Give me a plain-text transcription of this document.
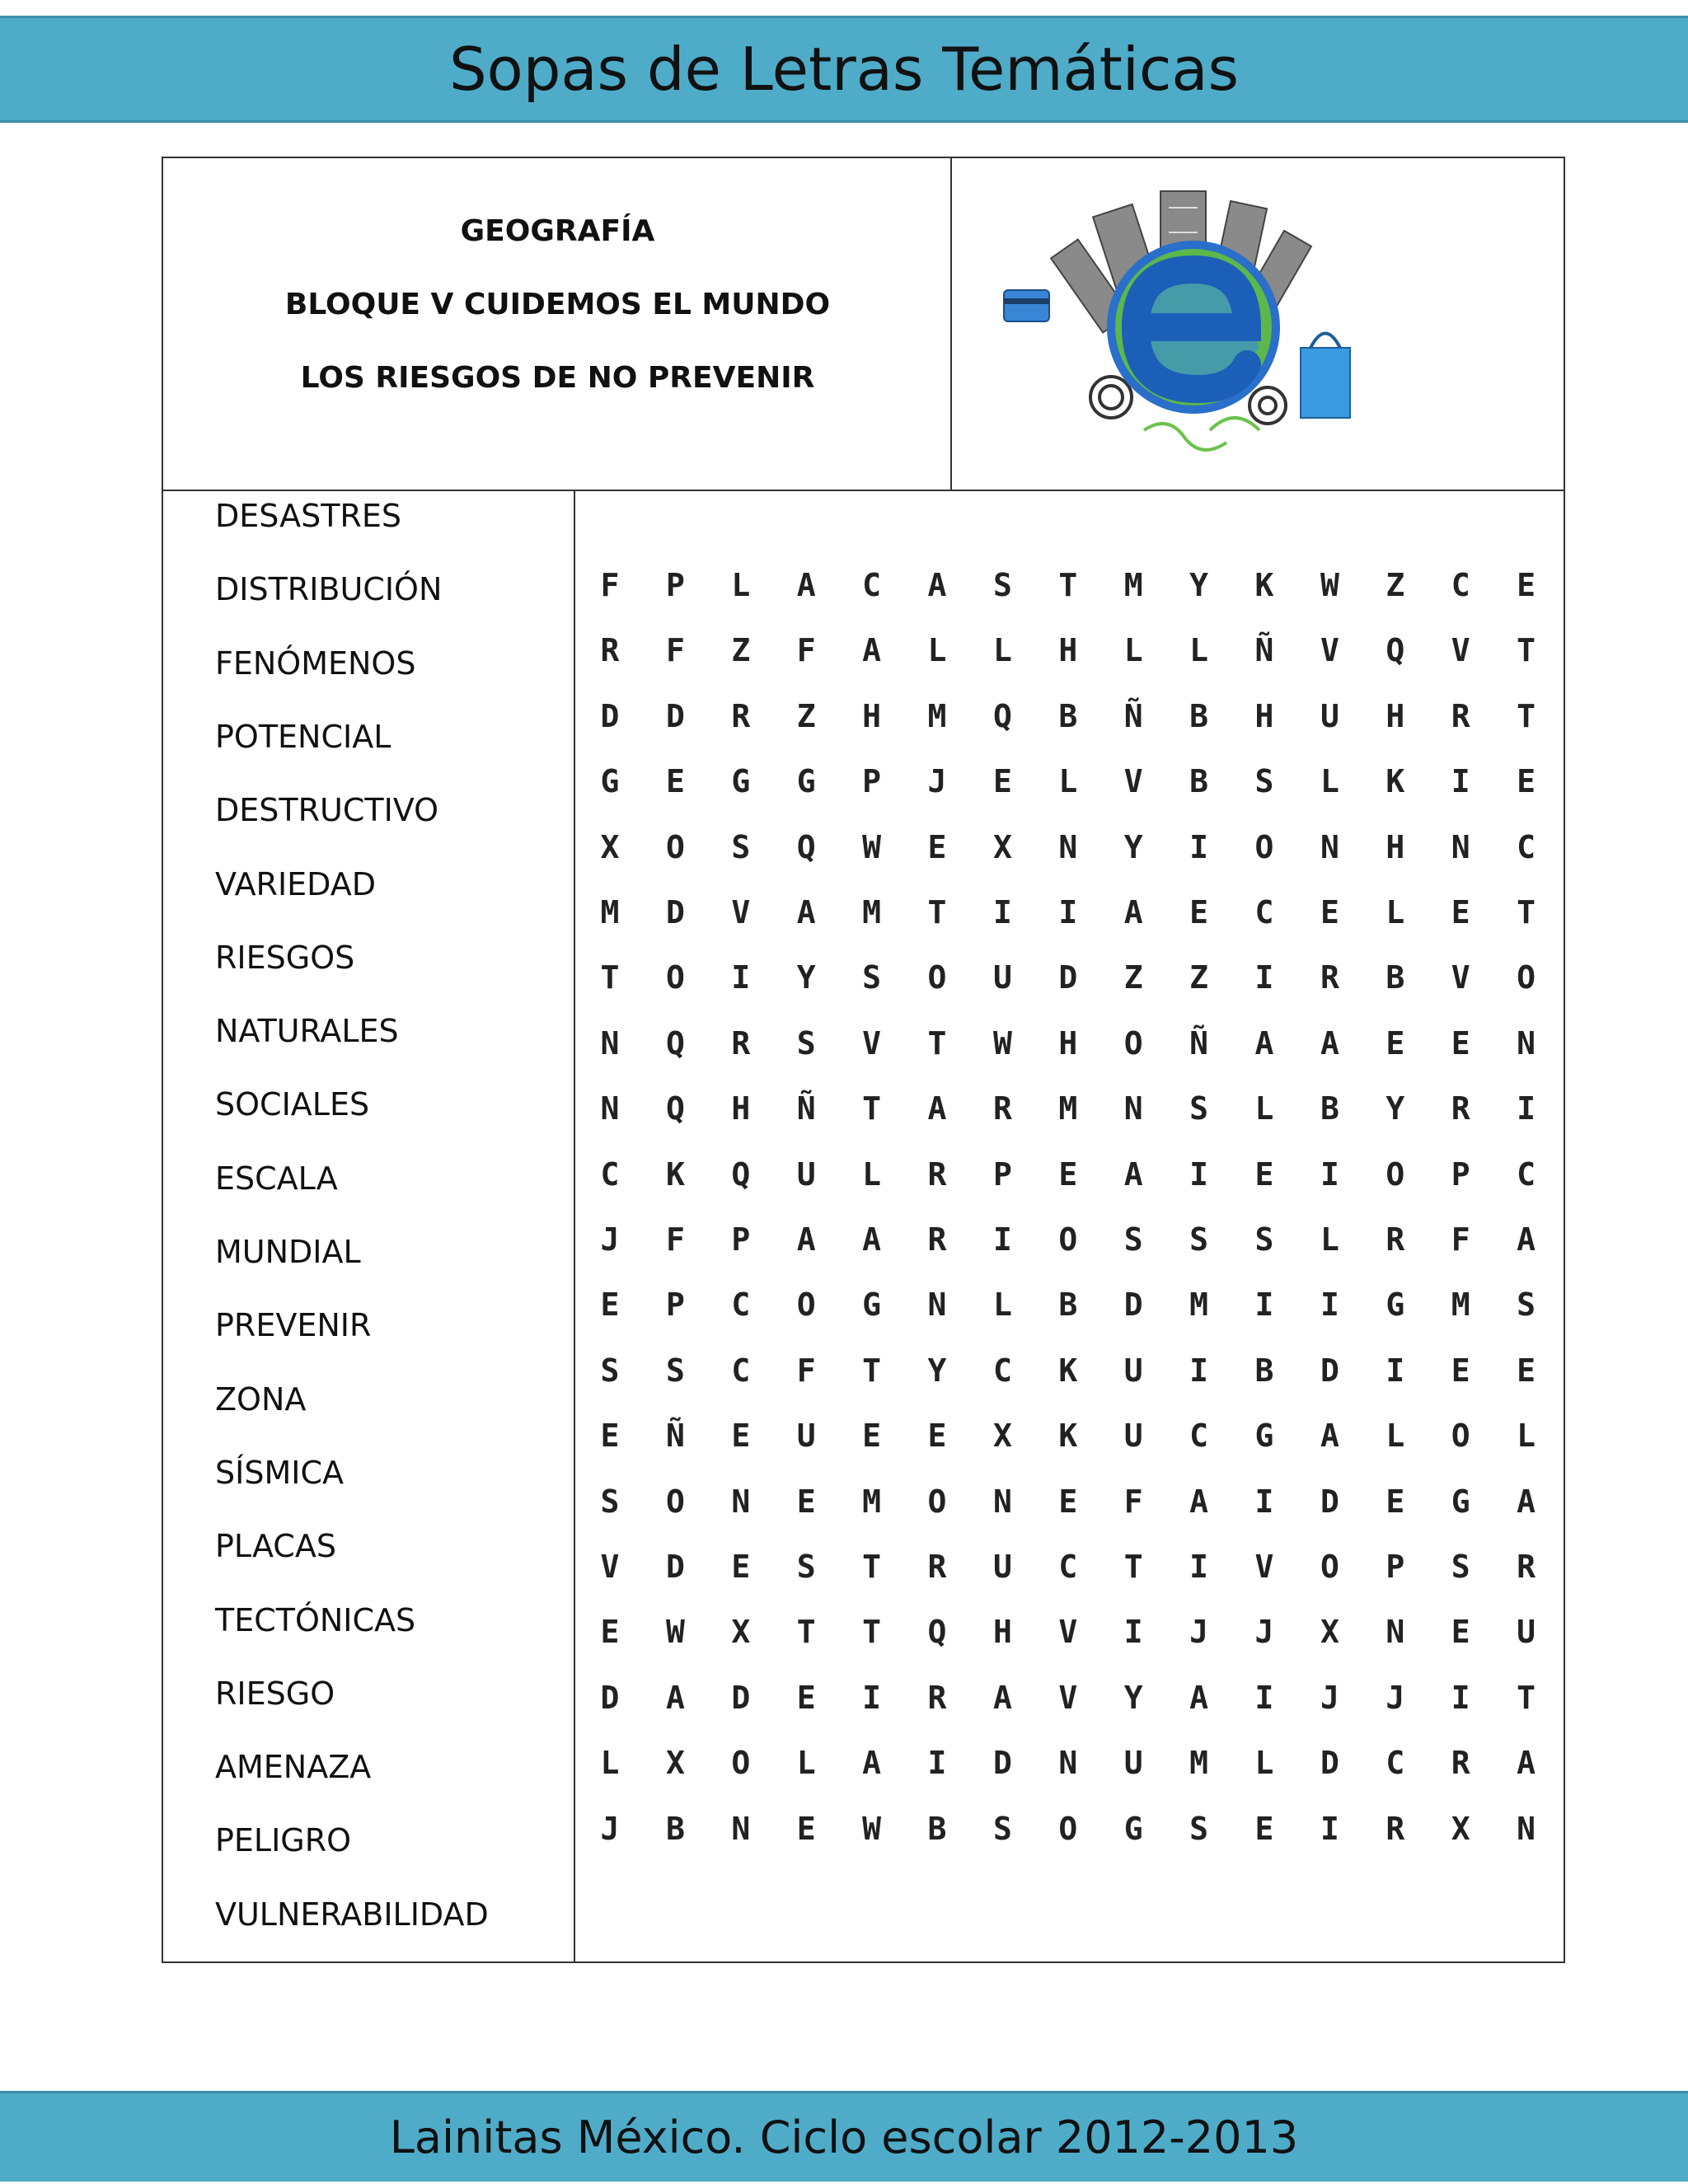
Sopas de Letras Temáticas
GEOGRAFÍA
BLOQUE V CUIDEMOS EL MUNDO
LOS RIESGOS DE NO PREVENIR
DESASTRES
DISTRIBUCIÓN
FENÓMENOS
POTENCIAL
DESTRUCTIVO
VARIEDAD
RIESGOS
NATURALES
SOCIALES
ESCALA
MUNDIAL
PREVENIR
ZONA
SÍSMICA
PLACAS
TECTÓNICAS
RIESGO
AMENAZA
PELIGRO
VULNERABILIDAD
F	P	L	A	C	A	S	T	M	Y	K	W	Z	C	E
R	F	Z	F	A	L	L	H	L	L	Ñ	V	Q	V	T
D	D	R	Z	H	M	Q	B	Ñ	B	H	U	H	R	T
G	E	G	G	P	J	E	L	V	B	S	L	K	I	E
X	O	S	Q	W	E	X	N	Y	I	O	N	H	N	C
M	D	V	A	M	T	I	I	A	E	C	E	L	E	T
T	O	I	Y	S	O	U	D	Z	Z	I	R	B	V	O
N	Q	R	S	V	T	W	H	O	Ñ	A	A	E	E	N
N	Q	H	Ñ	T	A	R	M	N	S	L	B	Y	R	I
C	K	Q	U	L	R	P	E	A	I	E	I	O	P	C
J	F	P	A	A	R	I	O	S	S	S	L	R	F	A
E	P	C	O	G	N	L	B	D	M	I	I	G	M	S
S	S	C	F	T	Y	C	K	U	I	B	D	I	E	E
E	Ñ	E	U	E	E	X	K	U	C	G	A	L	O	L
S	O	N	E	M	O	N	E	F	A	I	D	E	G	A
V	D	E	S	T	R	U	C	T	I	V	O	P	S	R
E	W	X	T	T	Q	H	V	I	J	J	X	N	E	U
D	A	D	E	I	R	A	V	Y	A	I	J	J	I	T
L	X	O	L	A	I	D	N	U	M	L	D	C	R	A
J	B	N	E	W	B	S	O	G	S	E	I	R	X	N
Lainitas México. Ciclo escolar 2012-2013
